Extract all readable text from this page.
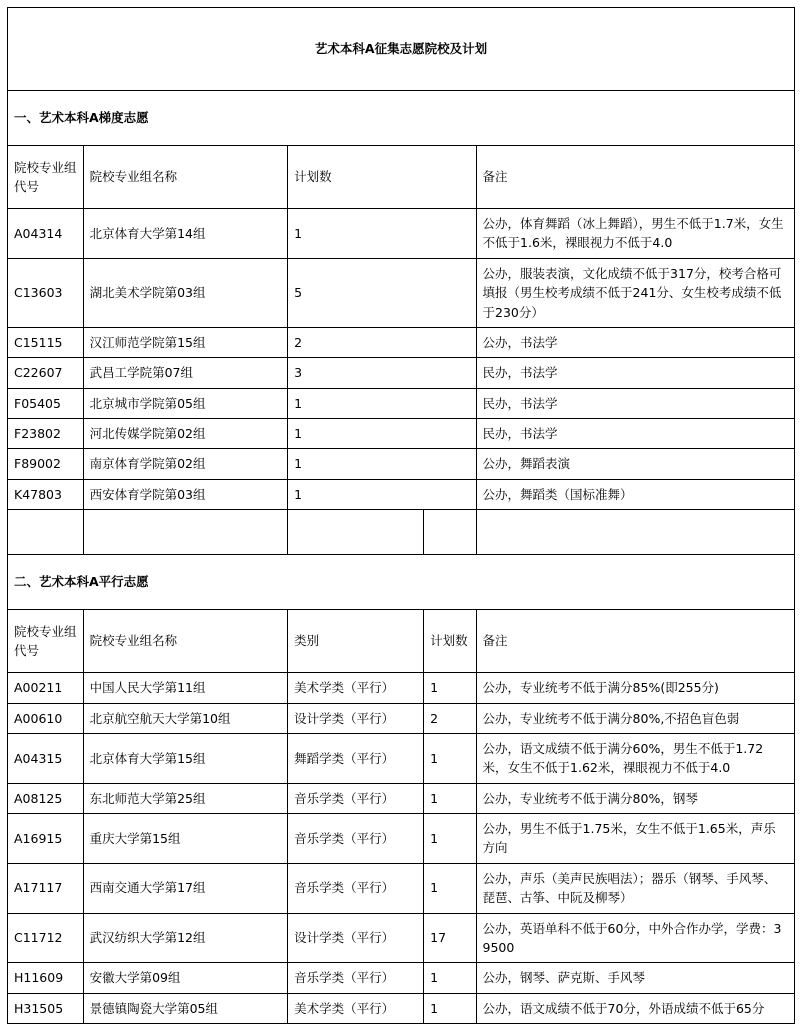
艺术本科A征集志愿院校及计划				
一、艺术本科A梯度志愿				
院校专业组代号	院校专业组名称	计划数		备注
A04314	北京体育大学第14组	1		公办，体育舞蹈（冰上舞蹈），男生不低于1.7米，女生不低于1.6米，裸眼视力不低于4.0
C13603	湖北美术学院第03组	5		公办，服装表演，文化成绩不低于317分，校考合格可填报（男生校考成绩不低于241分、女生校考成绩不低于230分）
C15115	汉江师范学院第15组	2		公办，书法学
C22607	武昌工学院第07组	3		民办，书法学
F05405	北京城市学院第05组	1		民办，书法学
F23802	河北传媒学院第02组	1		民办，书法学
F89002	南京体育学院第02组	1		公办，舞蹈表演
K47803	西安体育学院第03组	1		公办，舞蹈类（国标准舞）

二、艺术本科A平行志愿				
院校专业组代号	院校专业组名称	类别	计划数	备注
A00211	中国人民大学第11组	美术学类（平行）	1	公办，专业统考不低于满分85%(即255分)
A00610	北京航空航天大学第10组	设计学类（平行）	2	公办，专业统考不低于满分80%,不招色盲色弱
A04315	北京体育大学第15组	舞蹈学类（平行）	1	公办，语文成绩不低于满分60%，男生不低于1.72米，女生不低于1.62米，裸眼视力不低于4.0
A08125	东北师范大学第25组	音乐学类（平行）	1	公办，专业统考不低于满分80%，钢琴
A16915	重庆大学第15组	音乐学类（平行）	1	公办，男生不低于1.75米，女生不低于1.65米，声乐方向
A17117	西南交通大学第17组	音乐学类（平行）	1	公办，声乐（美声民族唱法）；器乐（钢琴、手风琴、琵琶、古筝、中阮及柳琴）
C11712	武汉纺织大学第12组	设计学类（平行）	17	公办，英语单科不低于60分，中外合作办学，学费：39500
H11609	安徽大学第09组	音乐学类（平行）	1	公办，钢琴、萨克斯、手风琴
H31505	景德镇陶瓷大学第05组	美术学类（平行）	1	公办，语文成绩不低于70分，外语成绩不低于65分
